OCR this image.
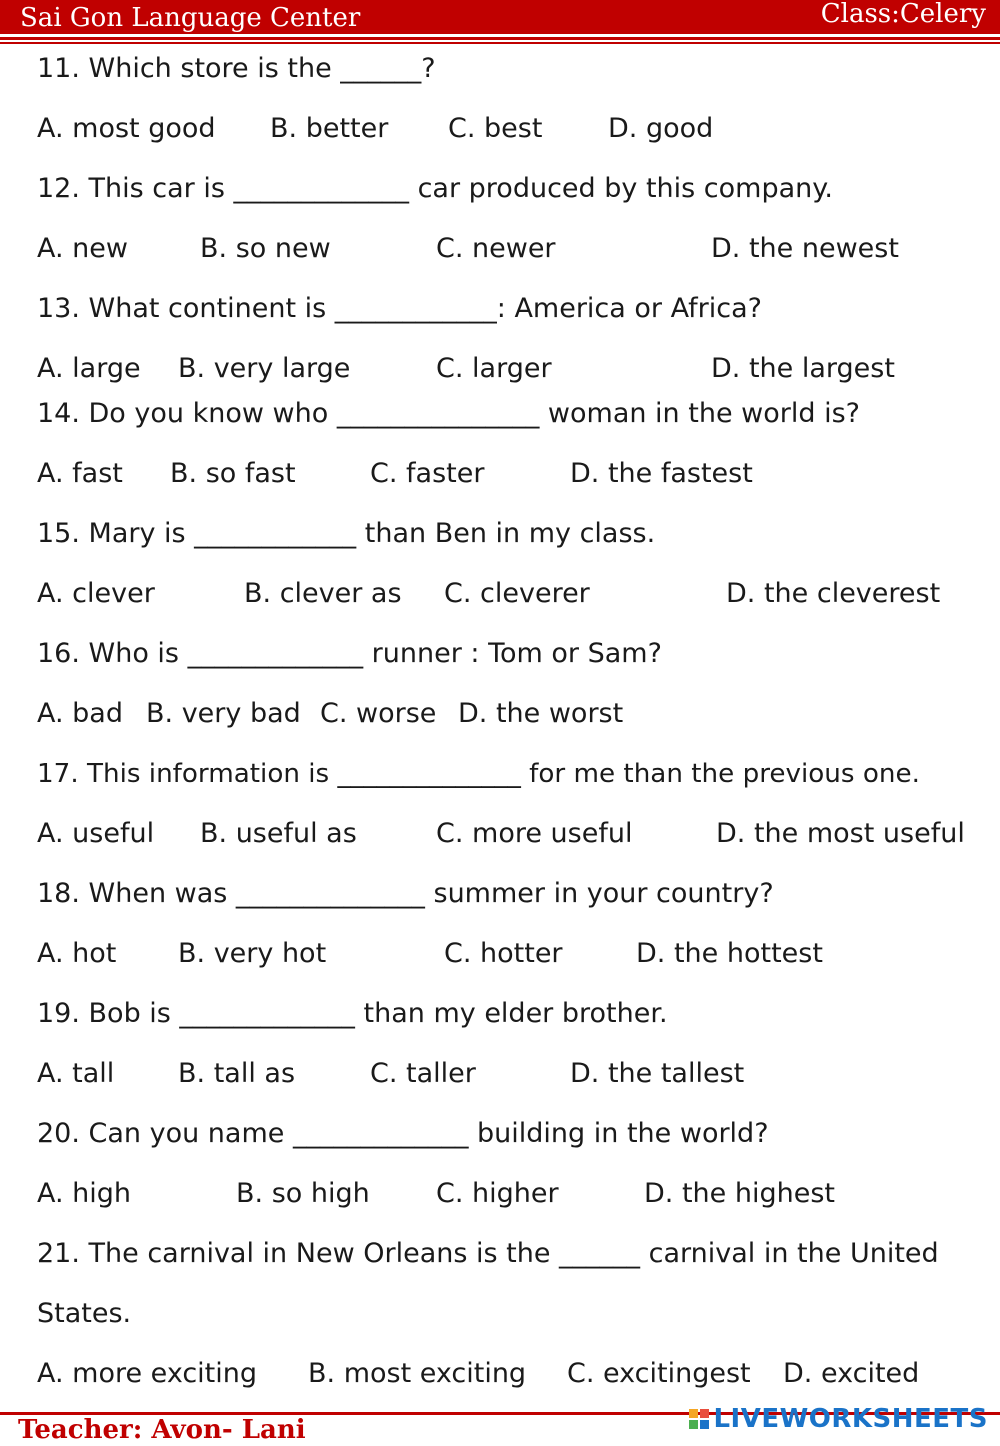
Sai Gon Language Center	Class:Celery
11. Which store is the ______?
A. most good B. better C. best D. good
12. This car is _____________ car produced by this company.
A. new	B. so new	C. newer	D. the newest
13. What continent is ____________: America or Africa?
A. large B. very large	C. larger	D. the largest
14. Do you know who _______________ woman in the world is?
A. fast B. so fast	C. faster	D. the fastest
15. Mary is ____________ than Ben in my class.
A. clever	B. clever as C. cleverer	D. the cleverest
16. Who is _____________ runner : Tom or Sam?
A. bad B. very bad C. worse D. the worst
17. This information is ______________ for me than the previous one.
A. useful B. useful as	C. more useful	D. the most useful
18. When was ______________ summer in your country?
A. hot B. very hot	C. hotter	D. the hottest
19. Bob is _____________ than my elder brother.
A. tall B. tall as	C. taller	D. the tallest
20. Can you name _____________ building in the world?
A. high	B. so high C. higher	D. the highest
21. The carnival in New Orleans is the ______ carnival in the United
States.
A. more exciting B. most exciting C. excitingest D. excited
Teacher: Avon- Lani	LIVEWORKSHEETS
